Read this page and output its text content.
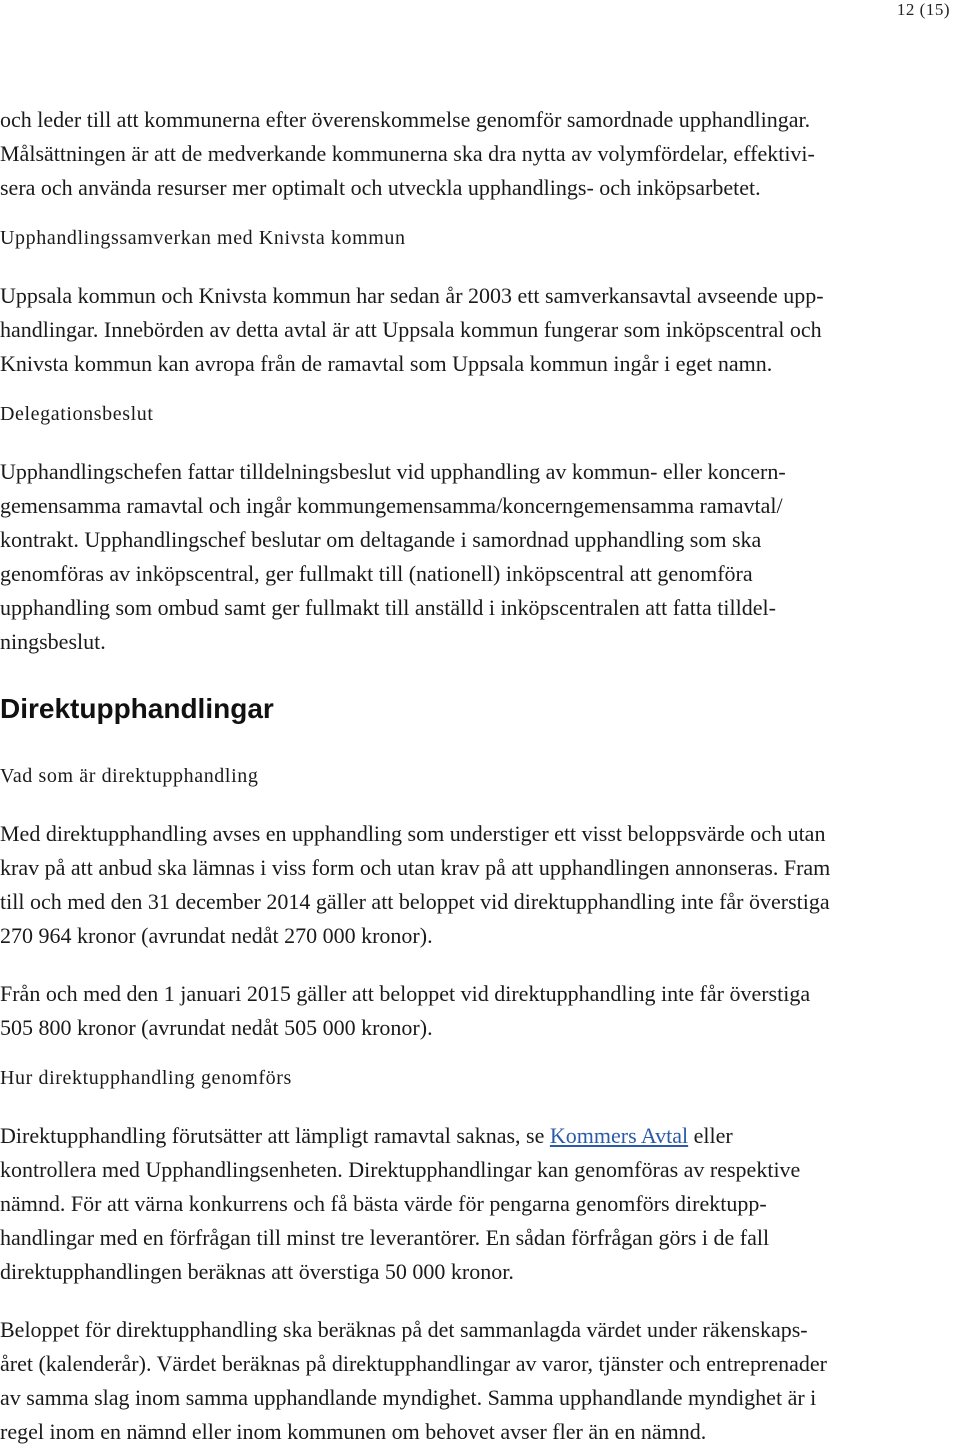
12 (15)

och leder till att kommunerna efter överenskommelse genomför samordnade upphandlingar.
Målsättningen är att de medverkande kommunerna ska dra nytta av volymfördelar, effektivi-
sera och använda resurser mer optimalt och utveckla upphandlings- och inköpsarbetet.

Upphandlingssamverkan med Knivsta kommun

Uppsala kommun och Knivsta kommun har sedan år 2003 ett samverkansavtal avseende upp-
handlingar. Innebörden av detta avtal är att Uppsala kommun fungerar som inköpscentral och
Knivsta kommun kan avropa från de ramavtal som Uppsala kommun ingår i eget namn.

Delegationsbeslut

Upphandlingschefen fattar tilldelningsbeslut vid upphandling av kommun- eller koncern-
gemensamma ramavtal och ingår kommungemensamma/koncerngemensamma ramavtal/
kontrakt. Upphandlingschef beslutar om deltagande i samordnad upphandling som ska
genomföras av inköpscentral, ger fullmakt till (nationell) inköpscentral att genomföra
upphandling som ombud samt ger fullmakt till anställd i inköpscentralen att fatta tilldel-
ningsbeslut.

Direktupphandlingar

Vad som är direktupphandling

Med direktupphandling avses en upphandling som understiger ett visst beloppsvärde och utan
krav på att anbud ska lämnas i viss form och utan krav på att upphandlingen annonseras. Fram
till och med den 31 december 2014 gäller att beloppet vid direktupphandling inte får överstiga
270 964 kronor (avrundat nedåt 270 000 kronor).

Från och med den 1 januari 2015 gäller att beloppet vid direktupphandling inte får överstiga
505 800 kronor (avrundat nedåt 505 000 kronor).

Hur direktupphandling genomförs

Direktupphandling förutsätter att lämpligt ramavtal saknas, se Kommers Avtal eller
kontrollera med Upphandlingsenheten. Direktupphandlingar kan genomföras av respektive
nämnd. För att värna konkurrens och få bästa värde för pengarna genomförs direktupp-
handlingar med en förfrågan till minst tre leverantörer. En sådan förfrågan görs i de fall
direktupphandlingen beräknas att överstiga 50 000 kronor.

Beloppet för direktupphandling ska beräknas på det sammanlagda värdet under räkenskaps-
året (kalenderår). Värdet beräknas på direktupphandlingar av varor, tjänster och entreprenader
av samma slag inom samma upphandlande myndighet. Samma upphandlande myndighet är i
regel inom en nämnd eller inom kommunen om behovet avser fler än en nämnd.
